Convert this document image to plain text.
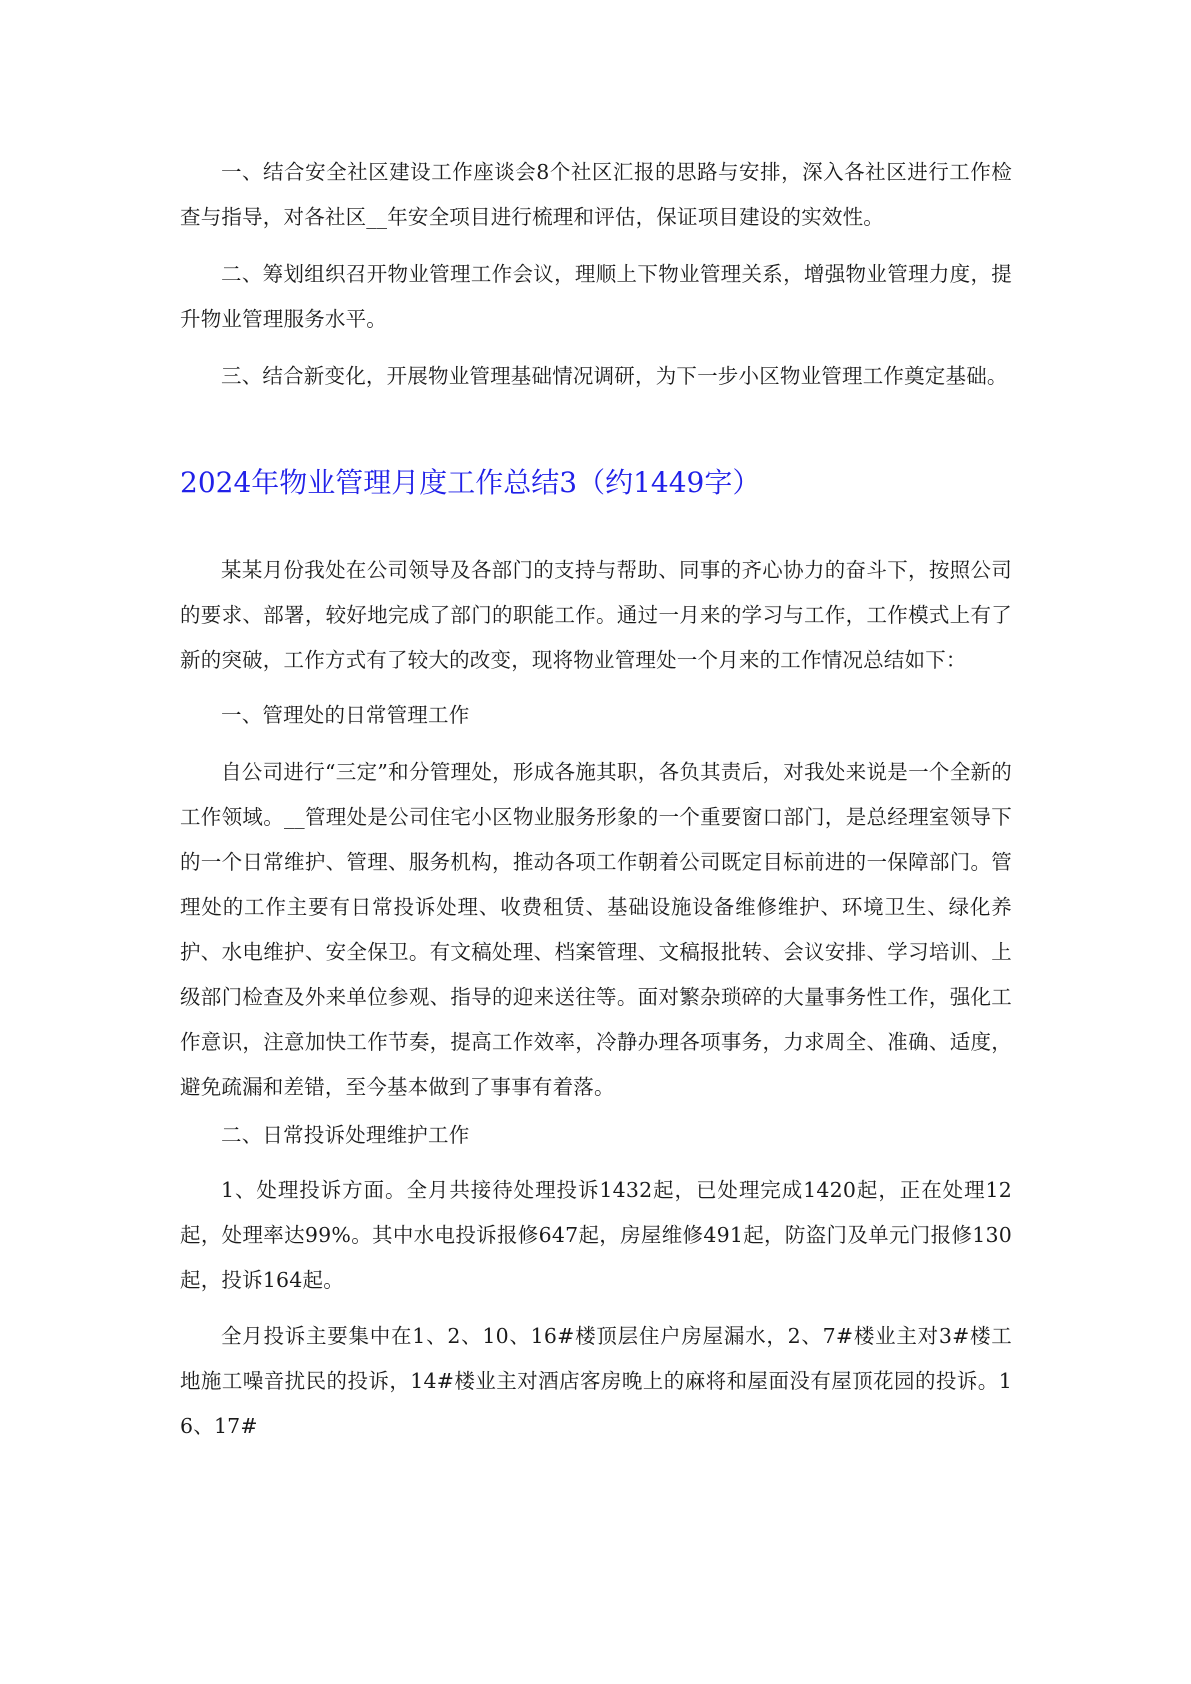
一、结合安全社区建设工作座谈会8个社区汇报的思路与安排，深入各社区进行工作检查与指导，对各社区__年安全项目进行梳理和评估，保证项目建设的实效性。

二、筹划组织召开物业管理工作会议，理顺上下物业管理关系，增强物业管理力度，提升物业管理服务水平。

三、结合新变化，开展物业管理基础情况调研，为下一步小区物业管理工作奠定基础。

2024年物业管理月度工作总结3（约1449字）

某某月份我处在公司领导及各部门的支持与帮助、同事的齐心协力的奋斗下，按照公司的要求、部署，较好地完成了部门的职能工作。通过一月来的学习与工作，工作模式上有了新的突破，工作方式有了较大的改变，现将物业管理处一个月来的工作情况总结如下：

一、管理处的日常管理工作

自公司进行“三定”和分管理处，形成各施其职，各负其责后，对我处来说是一个全新的工作领域。__管理处是公司住宅小区物业服务形象的一个重要窗口部门，是总经理室领导下的一个日常维护、管理、服务机构，推动各项工作朝着公司既定目标前进的一保障部门。管理处的工作主要有日常投诉处理、收费租赁、基础设施设备维修维护、环境卫生、绿化养护、水电维护、安全保卫。有文稿处理、档案管理、文稿报批转、会议安排、学习培训、上级部门检查及外来单位参观、指导的迎来送往等。面对繁杂琐碎的大量事务性工作，强化工作意识，注意加快工作节奏，提高工作效率，冷静办理各项事务，力求周全、准确、适度，避免疏漏和差错，至今基本做到了事事有着落。

二、日常投诉处理维护工作

1、处理投诉方面。全月共接待处理投诉1432起，已处理完成1420起，正在处理12起，处理率达99%。其中水电投诉报修647起，房屋维修491起，防盗门及单元门报修130起，投诉164起。

全月投诉主要集中在1、2、10、16#楼顶层住户房屋漏水，2、7#楼业主对3#楼工地施工噪音扰民的投诉，14#楼业主对酒店客房晚上的麻将和屋面没有屋顶花园的投诉。16、17#
